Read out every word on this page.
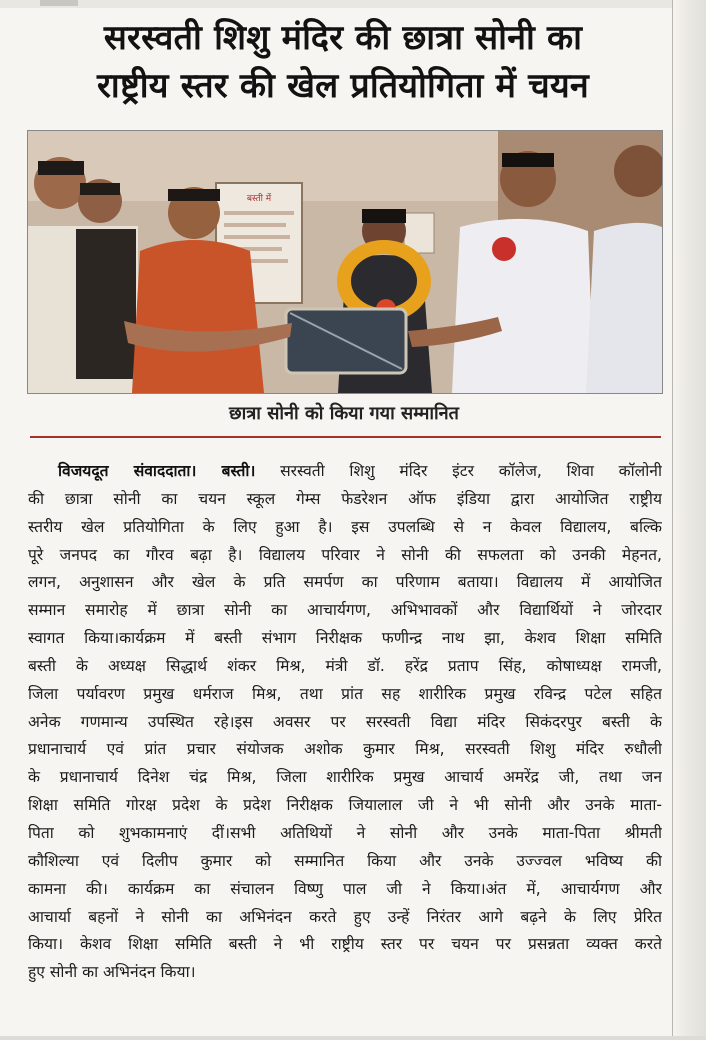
सरस्वती शिशु मंदिर की छात्रा सोनी का
राष्ट्रीय स्तर की खेल प्रतियोगिता में चयन
बस्ती में
छात्रा सोनी को किया गया सम्मानित
विजयदूत संवाददाता। बस्ती। सरस्वती शिशु मंदिर इंटर कॉलेज, शिवा कॉलोनी
की छात्रा सोनी का चयन स्कूल गेम्स फेडरेशन ऑफ इंडिया द्वारा आयोजित राष्ट्रीय
स्तरीय खेल प्रतियोगिता के लिए हुआ है। इस उपलब्धि से न केवल विद्यालय, बल्कि
पूरे जनपद का गौरव बढ़ा है। विद्यालय परिवार ने सोनी की सफलता को उनकी मेहनत,
लगन, अनुशासन और खेल के प्रति समर्पण का परिणाम बताया। विद्यालय में आयोजित
सम्मान समारोह में छात्रा सोनी का आचार्यगण, अभिभावकों और विद्यार्थियों ने जोरदार
स्वागत किया।कार्यक्रम में बस्ती संभाग निरीक्षक फणीन्द्र नाथ झा, केशव शिक्षा समिति
बस्ती के अध्यक्ष सिद्धार्थ शंकर मिश्र, मंत्री डॉ. हरेंद्र प्रताप सिंह, कोषाध्यक्ष रामजी,
जिला पर्यावरण प्रमुख धर्मराज मिश्र, तथा प्रांत सह शारीरिक प्रमुख रविन्द्र पटेल सहित
अनेक गणमान्य उपस्थित रहे।इस अवसर पर सरस्वती विद्या मंदिर सिकंदरपुर बस्ती के
प्रधानाचार्य एवं प्रांत प्रचार संयोजक अशोक कुमार मिश्र, सरस्वती शिशु मंदिर रुधौली
के प्रधानाचार्य दिनेश चंद्र मिश्र, जिला शारीरिक प्रमुख आचार्य अमरेंद्र जी, तथा जन
शिक्षा समिति गोरक्ष प्रदेश के प्रदेश निरीक्षक जियालाल जी ने भी सोनी और उनके माता-
पिता को शुभकामनाएं दीं।सभी अतिथियों ने सोनी और उनके माता-पिता श्रीमती
कौशिल्या एवं दिलीप कुमार को सम्मानित किया और उनके उज्ज्वल भविष्य की
कामना की। कार्यक्रम का संचालन विष्णु पाल जी ने किया।अंत में, आचार्यगण और
आचार्या बहनों ने सोनी का अभिनंदन करते हुए उन्हें निरंतर आगे बढ़ने के लिए प्रेरित
किया। केशव शिक्षा समिति बस्ती ने भी राष्ट्रीय स्तर पर चयन पर प्रसन्नता व्यक्त करते
हुए सोनी का अभिनंदन किया।
